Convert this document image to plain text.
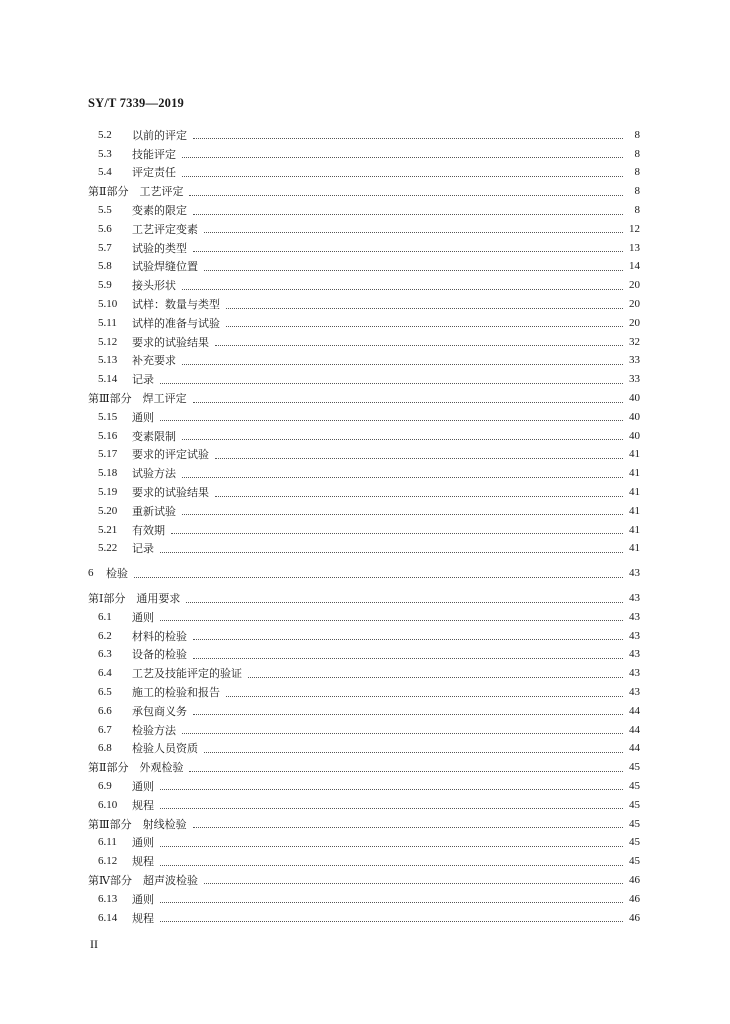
SY/T 7339—2019
5.2	以前的评定	8
5.3	技能评定	8
5.4	评定责任	8
第Ⅱ部分　工艺评定	8
5.5	变素的限定	8
5.6	工艺评定变素	12
5.7	试验的类型	13
5.8	试验焊缝位置	14
5.9	接头形状	20
5.10	试样：数量与类型	20
5.11	试样的准备与试验	20
5.12	要求的试验结果	32
5.13	补充要求	33
5.14	记录	33
第Ⅲ部分　焊工评定	40
5.15	通则	40
5.16	变素限制	40
5.17	要求的评定试验	41
5.18	试验方法	41
5.19	要求的试验结果	41
5.20	重新试验	41
5.21	有效期	41
5.22	记录	41
6	检验	43
第Ⅰ部分　通用要求	43
6.1	通则	43
6.2	材料的检验	43
6.3	设备的检验	43
6.4	工艺及技能评定的验证	43
6.5	施工的检验和报告	43
6.6	承包商义务	44
6.7	检验方法	44
6.8	检验人员资质	44
第Ⅱ部分　外观检验	45
6.9	通则	45
6.10	规程	45
第Ⅲ部分　射线检验	45
6.11	通则	45
6.12	规程	45
第Ⅳ部分　超声波检验	46
6.13	通则	46
6.14	规程	46
II
